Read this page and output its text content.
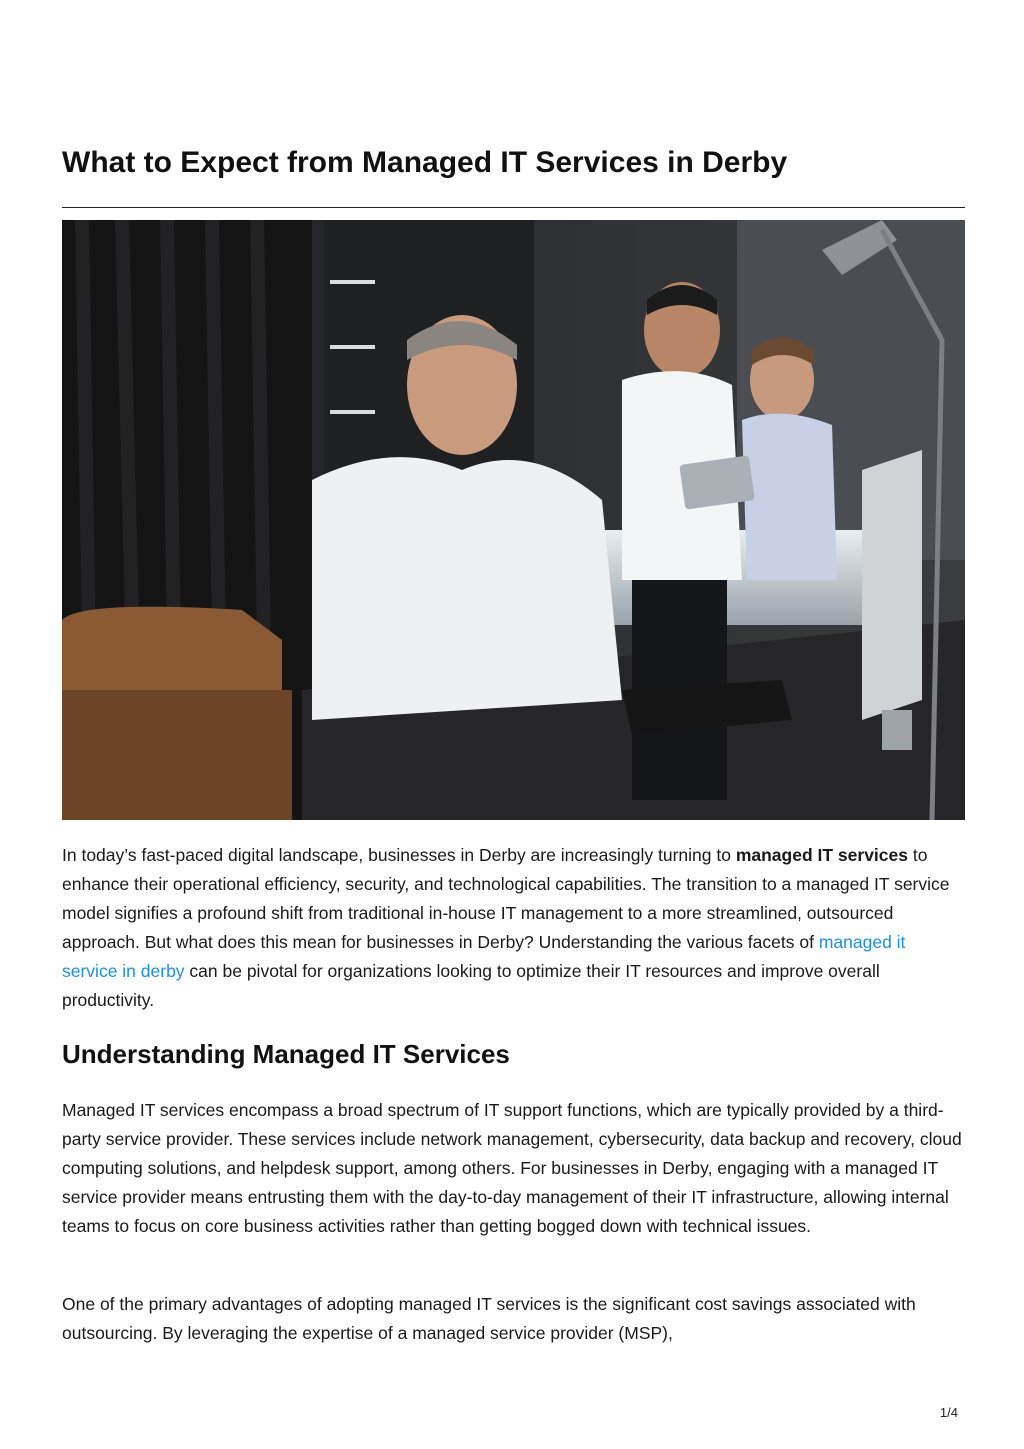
What to Expect from Managed IT Services in Derby

In today’s fast-paced digital landscape, businesses in Derby are increasingly turning to managed IT services to enhance their operational efficiency, security, and technological capabilities. The transition to a managed IT service model signifies a profound shift from traditional in-house IT management to a more streamlined, outsourced approach. But what does this mean for businesses in Derby? Understanding the various facets of managed it service in derby can be pivotal for organizations looking to optimize their IT resources and improve overall productivity.

Understanding Managed IT Services

Managed IT services encompass a broad spectrum of IT support functions, which are typically provided by a third-party service provider. These services include network management, cybersecurity, data backup and recovery, cloud computing solutions, and helpdesk support, among others. For businesses in Derby, engaging with a managed IT service provider means entrusting them with the day-to-day management of their IT infrastructure, allowing internal teams to focus on core business activities rather than getting bogged down with technical issues.

One of the primary advantages of adopting managed IT services is the significant cost savings associated with outsourcing. By leveraging the expertise of a managed service provider (MSP),

1/4
